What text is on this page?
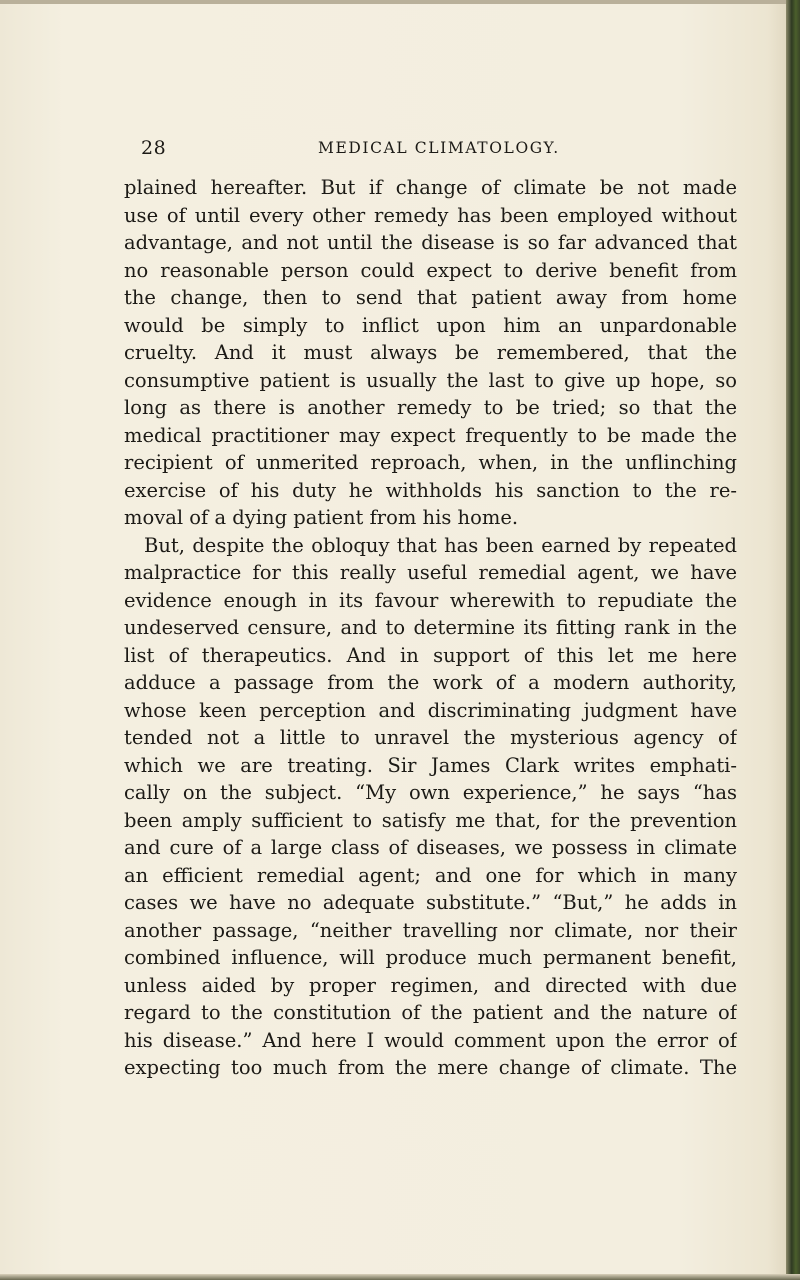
28	MEDICAL CLIMATOLOGY.
plained hereafter. But if change of climate be not made
use of until every other remedy has been employed without
advantage, and not until the disease is so far advanced that
no reasonable person could expect to derive benefit from
the change, then to send that patient away from home
would be simply to inflict upon him an unpardonable
cruelty. And it must always be remembered, that the
consumptive patient is usually the last to give up hope, so
long as there is another remedy to be tried; so that the
medical practitioner may expect frequently to be made the
recipient of unmerited reproach, when, in the unflinching
exercise of his duty he withholds his sanction to the re-
moval of a dying patient from his home.
But, despite the obloquy that has been earned by repeated
malpractice for this really useful remedial agent, we have
evidence enough in its favour wherewith to repudiate the
undeserved censure, and to determine its fitting rank in the
list of therapeutics. And in support of this let me here
adduce a passage from the work of a modern authority,
whose keen perception and discriminating judgment have
tended not a little to unravel the mysterious agency of
which we are treating. Sir James Clark writes emphati-
cally on the subject. “My own experience,” he says “has
been amply sufficient to satisfy me that, for the prevention
and cure of a large class of diseases, we possess in climate
an efficient remedial agent; and one for which in many
cases we have no adequate substitute.” “But,” he adds in
another passage, “neither travelling nor climate, nor their
combined influence, will produce much permanent benefit,
unless aided by proper regimen, and directed with due
regard to the constitution of the patient and the nature of
his disease.” And here I would comment upon the error of
expecting too much from the mere change of climate. The
